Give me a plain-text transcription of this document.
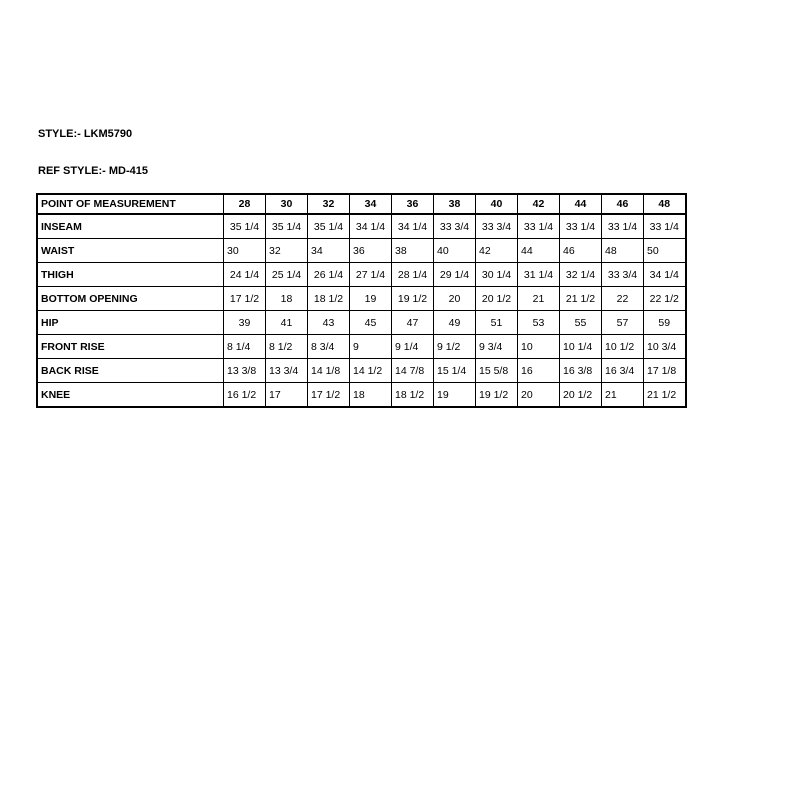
STYLE:- LKM5790
REF STYLE:- MD-415
POINT OF MEASUREMENT	28	30	32	34	36	38	40	42	44	46	48
INSEAM	35 1/4	35 1/4	35 1/4	34 1/4	34 1/4	33 3/4	33 3/4	33 1/4	33 1/4	33 1/4	33 1/4
WAIST	30	32	34	36	38	40	42	44	46	48	50
THIGH	24 1/4	25 1/4	26 1/4	27 1/4	28 1/4	29 1/4	30 1/4	31 1/4	32 1/4	33 3/4	34 1/4
BOTTOM OPENING	17 1/2	18	18 1/2	19	19 1/2	20	20 1/2	21	21 1/2	22	22 1/2
HIP	39	41	43	45	47	49	51	53	55	57	59
FRONT RISE	8 1/4	8 1/2	8 3/4	9	9 1/4	9 1/2	9 3/4	10	10 1/4	10 1/2	10 3/4
BACK RISE	13 3/8	13 3/4	14 1/8	14 1/2	14 7/8	15 1/4	15 5/8	16	16 3/8	16 3/4	17 1/8
KNEE	16 1/2	17	17 1/2	18	18 1/2	19	19 1/2	20	20 1/2	21	21 1/2
